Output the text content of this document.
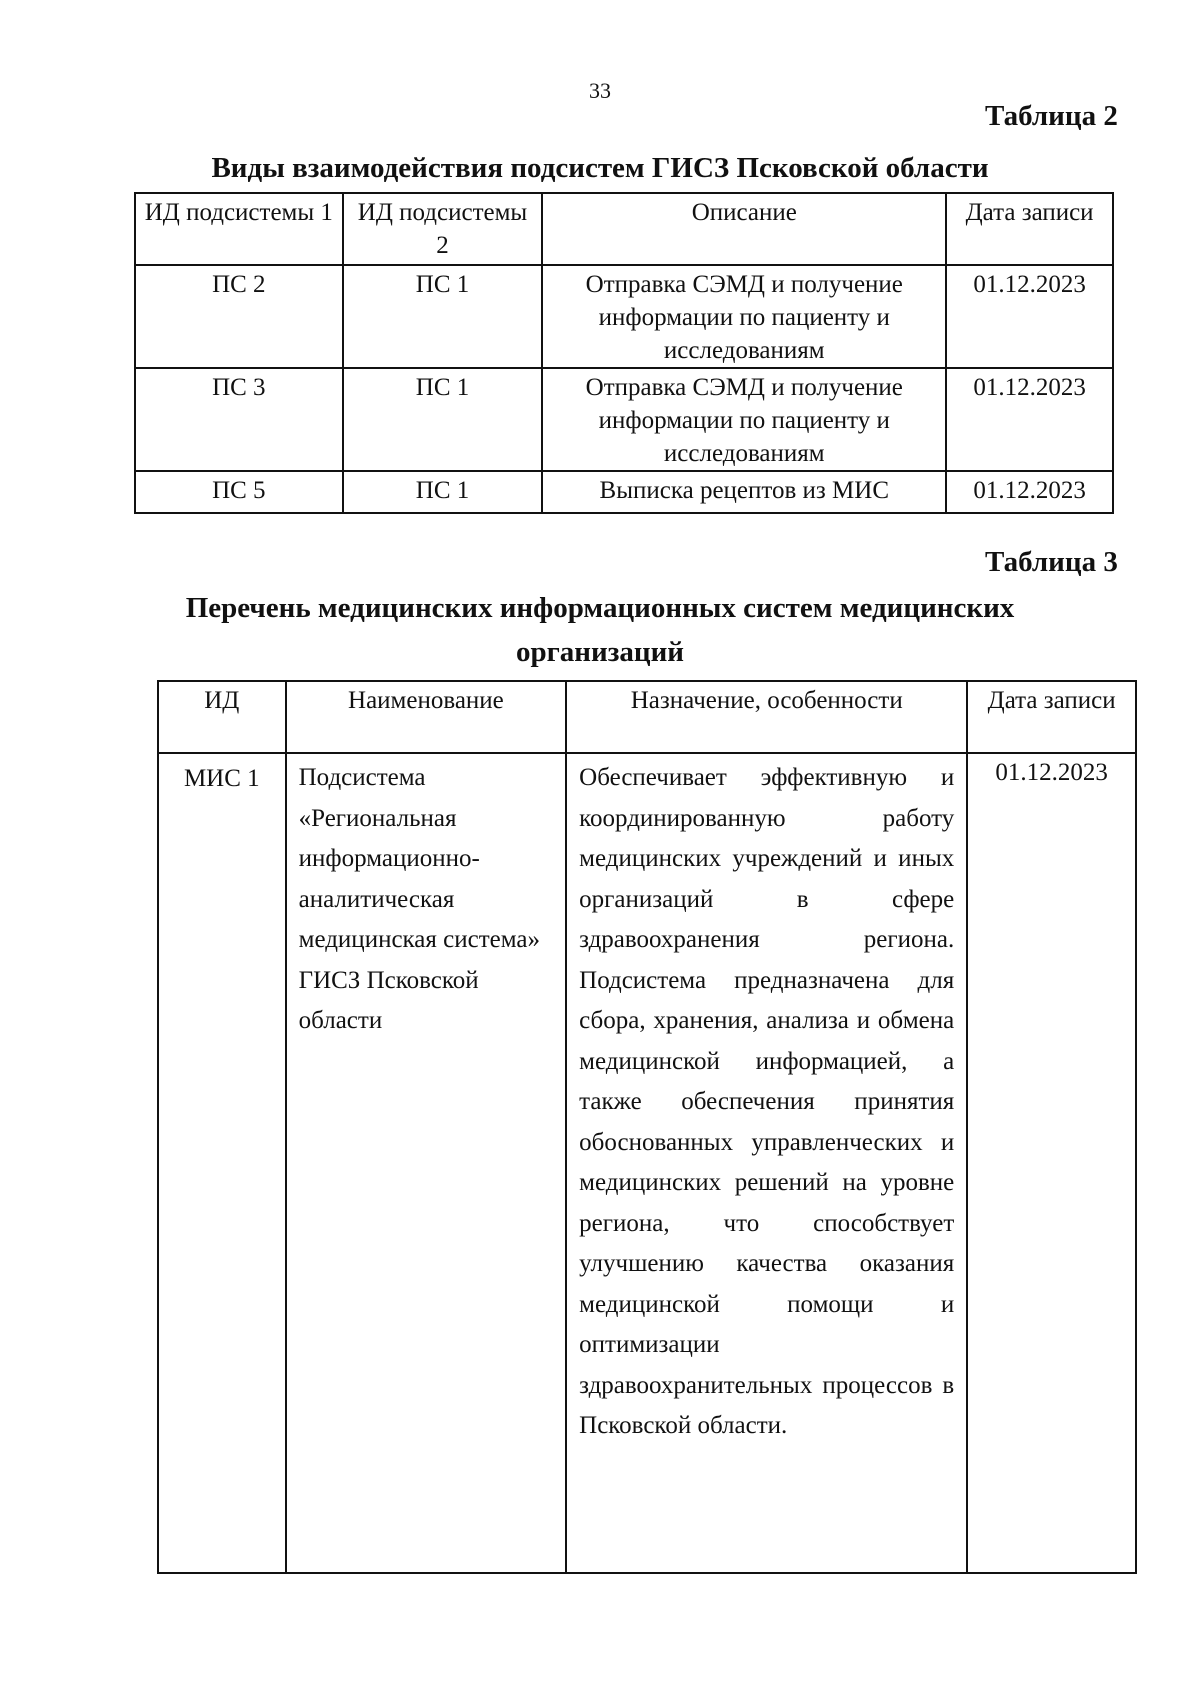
33
Таблица 2
Виды взаимодействия подсистем ГИСЗ Псковской области
ИД подсистемы 1	ИД подсистемы 2	Описание	Дата записи
ПС 2	ПС 1	Отправка СЭМД и получение информации по пациенту и исследованиям	01.12.2023
ПС 3	ПС 1	Отправка СЭМД и получение информации по пациенту и исследованиям	01.12.2023
ПС 5	ПС 1	Выписка рецептов из МИС	01.12.2023
Таблица 3
Перечень медицинских информационных систем медицинских
организаций
ИД	Наименование	Назначение, особенности	Дата записи
МИС 1	Подсистема «Региональная информационно-аналитическая медицинская система» ГИСЗ Псковской области	Обеспечивает эффективную и координированную работу медицинских учреждений и иных организаций в сфере здравоохранения региона. Подсистема предназначена для сбора, хранения, анализа и обмена медицинской информацией, а также обеспечения принятия обоснованных управленческих и медицинских решений на уровне региона, что способствует улучшению качества оказания медицинской помощи и оптимизации здравоохранительных процессов в Псковской области.	01.12.2023
